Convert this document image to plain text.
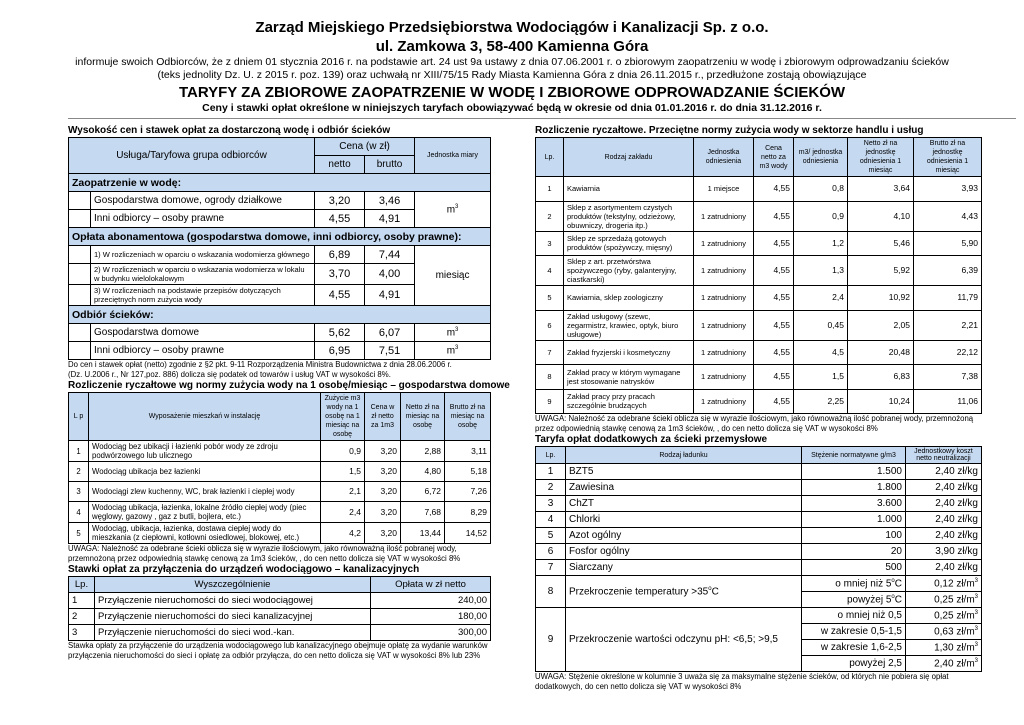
Zarząd Miejskiego Przedsiębiorstwa Wodociągów i Kanalizacji Sp. z o.o.
ul. Zamkowa 3, 58-400 Kamienna Góra
informuje swoich Odbiorców, że z dniem 01 stycznia 2016 r. na podstawie art. 24 ust 9a ustawy z dnia 07.06.2001 r. o zbiorowym zaopatrzeniu w wodę i zbiorowym odprowadzaniu ścieków
(teks jednolity Dz. U. z 2015 r. poz. 139) oraz uchwałą nr XIII/75/15 Rady Miasta Kamienna Góra z dnia 26.11.2015 r., przedłużone zostają obowiązujące
TARYFY ZA ZBIOROWE ZAOPATRZENIE W WODĘ I ZBIOROWE ODPROWADZANIE ŚCIEKÓW
Ceny i stawki opłat określone w niniejszych taryfach obowiązywać będą w okresie od dnia 01.01.2016 r. do dnia 31.12.2016 r.
Wysokość cen i stawek opłat za dostarczoną wodę i odbiór ścieków
Usługa/Taryfowa grupa odbiorców		Cena (w zł)		Jednostka miary
		netto	brutto	
Zaopatrzenie w wodę:				
	Gospodarstwa domowe, ogrody działkowe	3,20	3,46	$m^3$
	Inni odbiorcy – osoby prawne	4,55	4,91	
Opłata abonamentowa (gospodarstwa domowe, inni odbiorcy, osoby prawne):				
	1) W rozliczeniach w oparciu o wskazania wodomierza głównego	6,89	7,44	miesiąc
	2) W rozliczeniach w oparciu o wskazania wodomierza w lokalu w budynku wielolokalowym	3,70	4,00	
	3) W rozliczeniach na podstawie przepisów dotyczących przeciętnych norm zużycia wody	4,55	4,91	
Odbiór ścieków:				
	Gospodarstwa domowe	5,62	6,07	$m^3$
	Inni odbiorcy – osoby prawne	6,95	7,51	$m^3$
Do cen i stawek opłat (netto) zgodnie z §2 pkt. 9-11 Rozporządzenia Ministra Budownictwa z dnia 28.06.2006 r.
(Dz. U.2006 r., Nr 127,poz. 886) dolicza się podatek od towarów i usług VAT w wysokości 8%.
Rozliczenie ryczałtowe wg normy zużycia wody na 1 osobę/miesiąc – gospodarstwa domowe
L p	Wyposażenie mieszkań w instalację	Zużycie m3 wody na 1 osobę na 1 miesiąc na osobę	Cena w zł netto za 1m3	Netto zł na miesiąc na osobę	Brutto zł na miesiąc na osobę
1	Wodociąg bez ubikacji i łazienki pobór wody ze zdroju podwórzowego lub ulicznego	0,9	3,20	2,88	3,11
2	Wodociąg ubikacja bez łazienki	1,5	3,20	4,80	5,18
3	Wodociągi zlew kuchenny, WC, brak łazienki i ciepłej wody	2,1	3,20	6,72	7,26
4	Wodociąg ubikacja, łazienka, lokalne źródło ciepłej wody (piec węglowy, gazowy , gaz z butli, bojlera, etc.)	2,4	3,20	7,68	8,29
5	Wodociąg, ubikacja, łazienka, dostawa ciepłej wody do mieszkania (z ciepłowni, kotłowni osiedlowej, blokowej, etc.)	4,2	3,20	13,44	14,52
UWAGA: Należność za odebrane ścieki oblicza się w wyrazie ilościowym, jako równoważną ilość pobranej wody, przemnożoną przez odpowiednią stawkę cenową za 1m3 ścieków, , do cen netto dolicza się VAT w wysokości 8%
Stawki opłat za przyłączenia do urządzeń wodociągowo – kanalizacyjnych
Lp.	Wyszczególnienie	Opłata w zł netto
1	Przyłączenie nieruchomości do sieci wodociągowej	240,00
2	Przyłączenie nieruchomości do sieci kanalizacyjnej	180,00
3	Przyłączenie nieruchomości do sieci wod.-kan.	300,00
Stawka opłaty za przyłączenie do urządzenia wodociągowego lub kanalizacyjnego obejmuje opłatę za wydanie warunków przyłączenia nieruchomości do sieci i opłatę za odbiór przyłącza, do cen netto dolicza się VAT w wysokości 8% lub 23%
Rozliczenie ryczałtowe. Przeciętne normy zużycia wody w sektorze handlu i usług
Lp.	Rodzaj zakładu	Jednostka odniesienia	Cena netto za m3 wody	m3/ jednostka odniesienia	Netto zł na jednostkę odniesienia 1 miesiąc	Brutto zł na jednostkę odniesienia 1 miesiąc
1	Kawiarnia	1 miejsce	4,55	0,8	3,64	3,93
2	Sklep z asortymentem czystych produktów (tekstylny, odzieżowy, obuwniczy, drogeria itp.)	1 zatrudniony	4,55	0,9	4,10	4,43
3	Sklep ze sprzedażą gotowych produktów (spożywczy, mięsny)	1 zatrudniony	4,55	1,2	5,46	5,90
4	Sklep z art. przetwórstwa spożywczego (ryby, galanteryjny, ciastkarski)	1 zatrudniony	4,55	1,3	5,92	6,39
5	Kawiarnia, sklep zoologiczny	1 zatrudniony	4,55	2,4	10,92	11,79
6	Zakład usługowy (szewc, zegarmistrz, krawiec, optyk, biuro usługowe)	1 zatrudniony	4,55	0,45	2,05	2,21
7	Zakład fryzjerski i kosmetyczny	1 zatrudniony	4,55	4,5	20,48	22,12
8	Zakład pracy w którym wymagane jest stosowanie natrysków	1 zatrudniony	4,55	1,5	6,83	7,38
9	Zakład pracy przy pracach szczególnie brudzących	1 zatrudniony	4,55	2,25	10,24	11,06
UWAGA: Należność za odebrane ścieki oblicza się w wyrazie ilościowym, jako równoważną ilość pobranej wody, przemnożoną przez odpowiednią stawkę cenową za 1m3 ścieków, , do cen netto dolicza się VAT w wysokości 8%
Taryfa opłat dodatkowych za ścieki przemysłowe
Lp.	Rodzaj ładunku	Stężenie normatywne g/m3	Jednostkowy koszt netto neutralizacji
1	BZT5	1.500	2,40 zł/kg
2	Zawiesina	1.800	2,40 zł/kg
3	ChZT	3.600	2,40 zł/kg
4	Chlorki	1.000	2,40 zł/kg
5	Azot ogólny	100	2,40 zł/kg
6	Fosfor ogólny	20	3,90 zł/kg
7	Siarczany	500	2,40 zł/kg
8	Przekroczenie temperatury $>35^oC$	o mniej niż 5$^o$C	0,12 $zł/m^3$
		powyżej 5$^o$C	0,25 $zł/m^3$
9	Przekroczenie wartości odczynu pH: <6,5; >9,5	o mniej niż 0,5	0,25 $zł/m^3$
		w zakresie 0,5-1,5	0,63 $zł/m^3$
		w zakresie 1,6-2,5	1,30 $zł/m^3$
		powyżej 2,5	2,40 $zł/m^3$
UWAGA: Stężenie określone w kolumnie 3 uważa się za maksymalne stężenie ścieków, od których nie pobiera się opłat dodatkowych, do cen netto dolicza się VAT w wysokości 8%
